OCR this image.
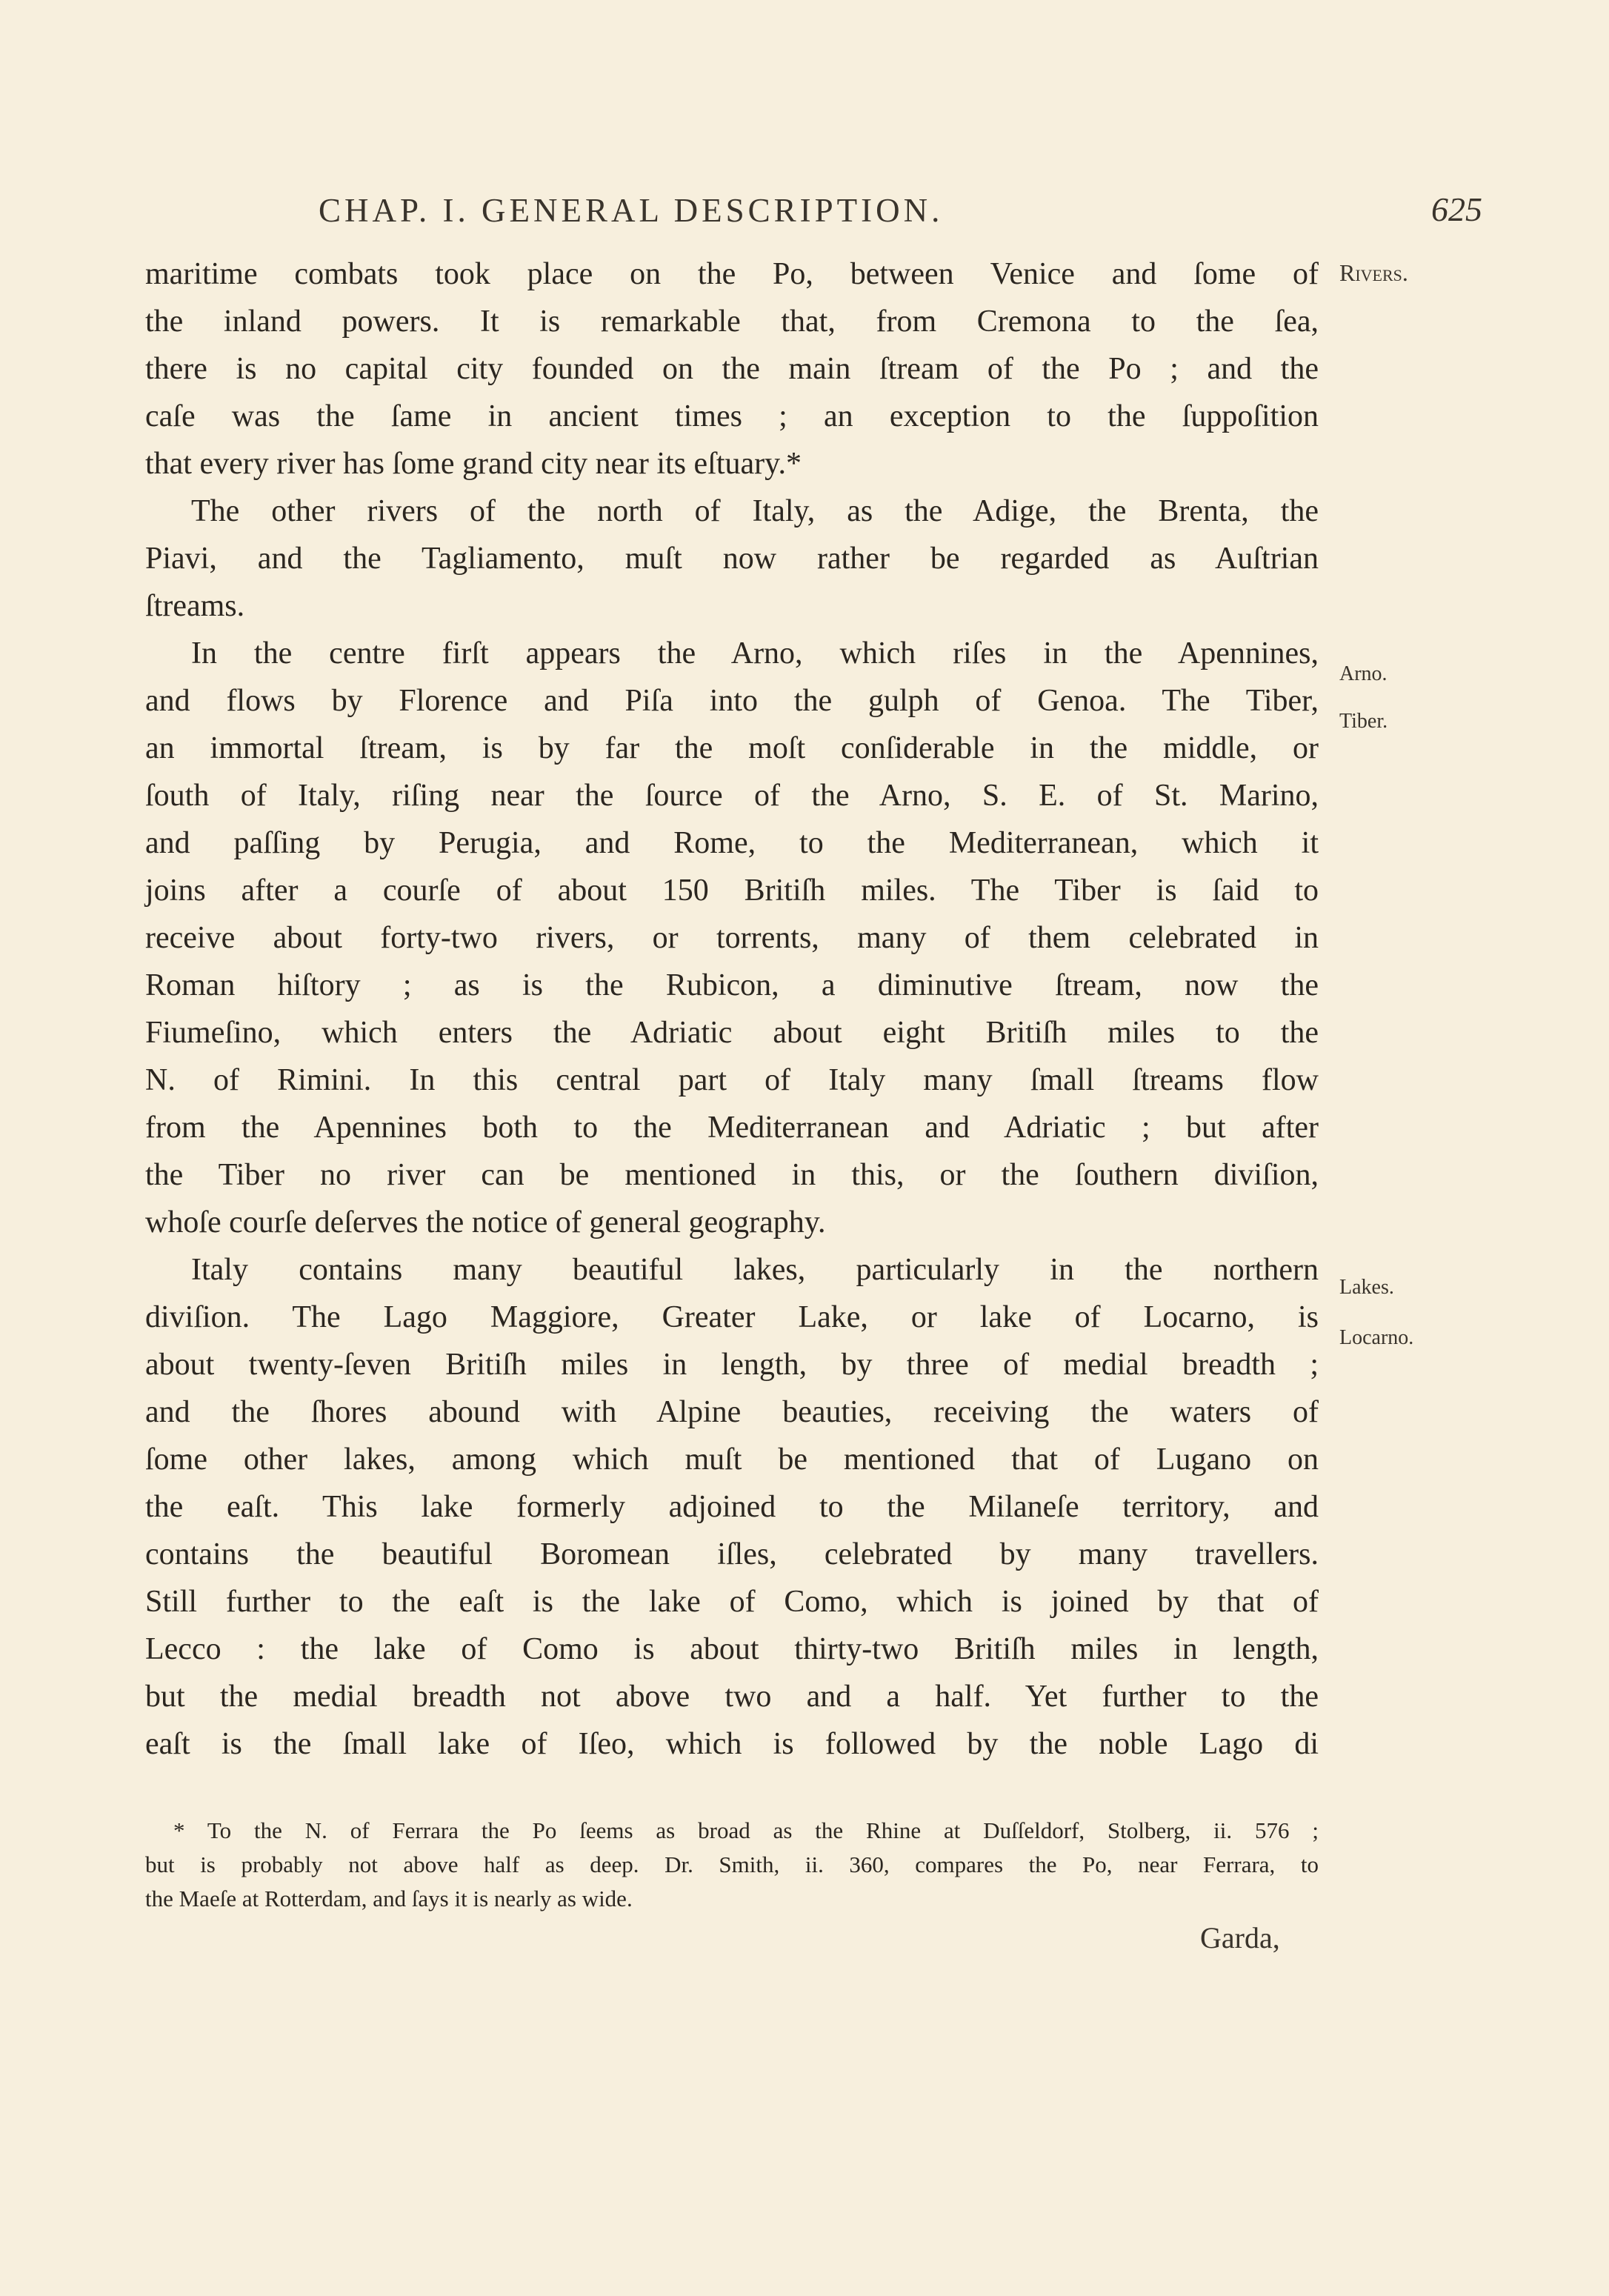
CHAP. I. GENERAL DESCRIPTION.	625
maritime combats took place on the Po, between Venice and ſome of
the inland powers. It is remarkable that, from Cremona to the ſea,
there is no capital city founded on the main ſtream of the Po ; and the
caſe was the ſame in ancient times ; an exception to the ſuppoſition
that every river has ſome grand city near its eſtuary.*
The other rivers of the north of Italy, as the Adige, the Brenta, the
Piavi, and the Tagliamento, muſt now rather be regarded as Auſtrian
ſtreams.
In the centre firſt appears the Arno, which riſes in the Apennines,
and flows by Florence and Piſa into the gulph of Genoa. The Tiber,
an immortal ſtream, is by far the moſt conſiderable in the middle, or
ſouth of Italy, riſing near the ſource of the Arno, S. E. of St. Marino,
and paſſing by Perugia, and Rome, to the Mediterranean, which it
joins after a courſe of about 150 Britiſh miles. The Tiber is ſaid to
receive about forty-two rivers, or torrents, many of them celebrated in
Roman hiſtory ; as is the Rubicon, a diminutive ſtream, now the
Fiumeſino, which enters the Adriatic about eight Britiſh miles to the
N. of Rimini. In this central part of Italy many ſmall ſtreams flow
from the Apennines both to the Mediterranean and Adriatic ; but after
the Tiber no river can be mentioned in this, or the ſouthern diviſion,
whoſe courſe deſerves the notice of general geography.
Italy contains many beautiful lakes, particularly in the northern
diviſion. The Lago Maggiore, Greater Lake, or lake of Locarno, is
about twenty-ſeven Britiſh miles in length, by three of medial breadth ;
and the ſhores abound with Alpine beauties, receiving the waters of
ſome other lakes, among which muſt be mentioned that of Lugano on
the eaſt. This lake formerly adjoined to the Milaneſe territory, and
contains the beautiful Boromean iſles, celebrated by many travellers.
Still further to the eaſt is the lake of Como, which is joined by that of
Lecco : the lake of Como is about thirty-two Britiſh miles in length,
but the medial breadth not above two and a half. Yet further to the
eaſt is the ſmall lake of Iſeo, which is followed by the noble Lago di
Rivers.
Arno.
Tiber.
Lakes.
Locarno.
* To the N. of Ferrara the Po ſeems as broad as the Rhine at Duſſeldorf, Stolberg, ii. 576 ;
but is probably not above half as deep. Dr. Smith, ii. 360, compares the Po, near Ferrara, to
the Maeſe at Rotterdam, and ſays it is nearly as wide.
Garda,
